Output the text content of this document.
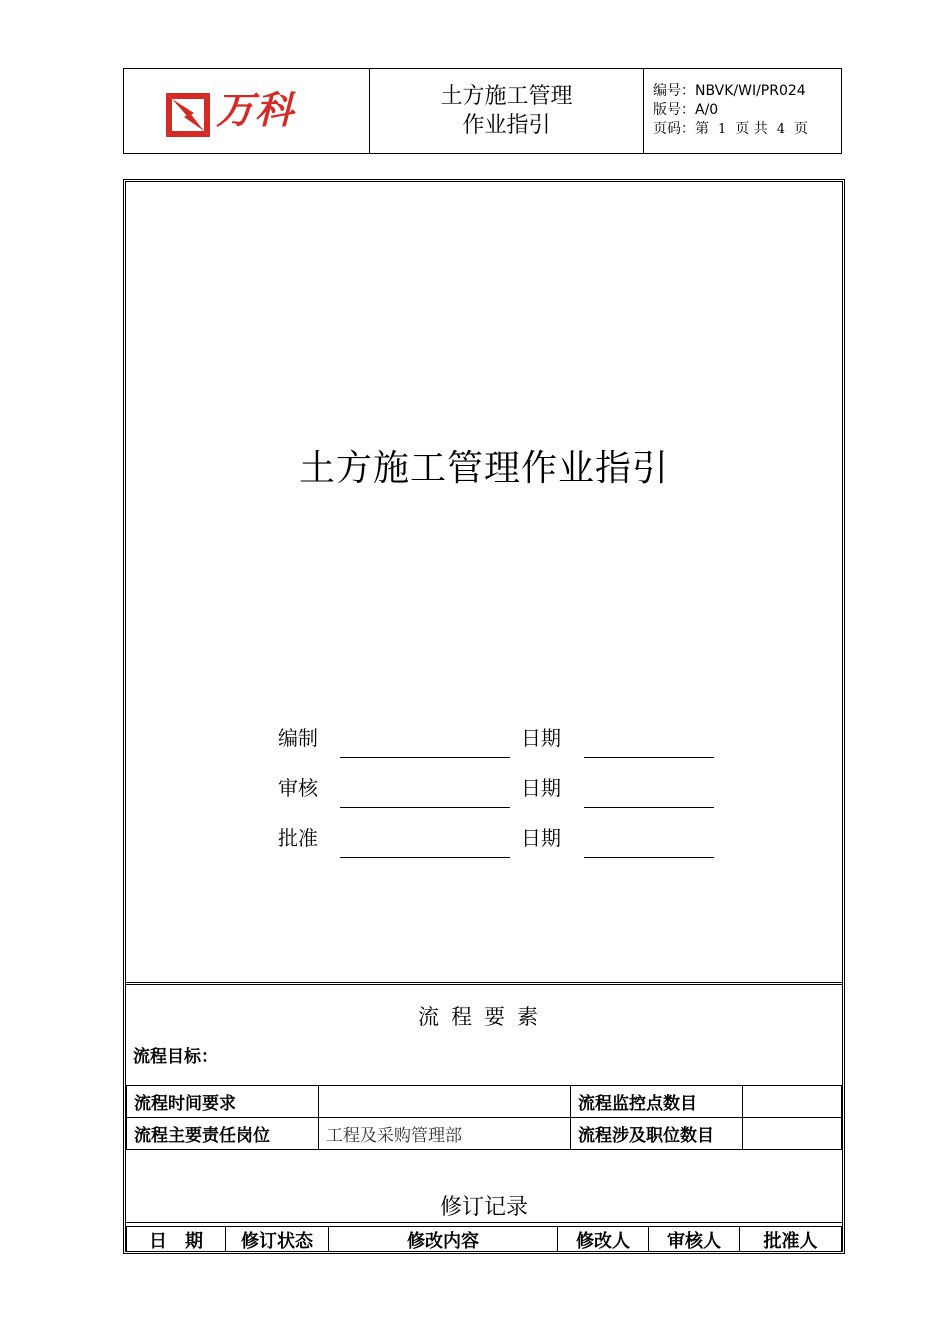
万科	土方施工管理
作业指引
编号：NBVK/WI/PR024
版号：A/0
页码：第 1 页 共 4 页
土方施工管理作业指引
编制	日期
审核	日期
批准	日期
流程要素
流程目标：
流程时间要求		流程监控点数目	
流程主要责任岗位	工程及采购管理部	流程涉及职位数目	
修订记录
日　期	修订状态	修改内容	修改人	审核人	批准人
